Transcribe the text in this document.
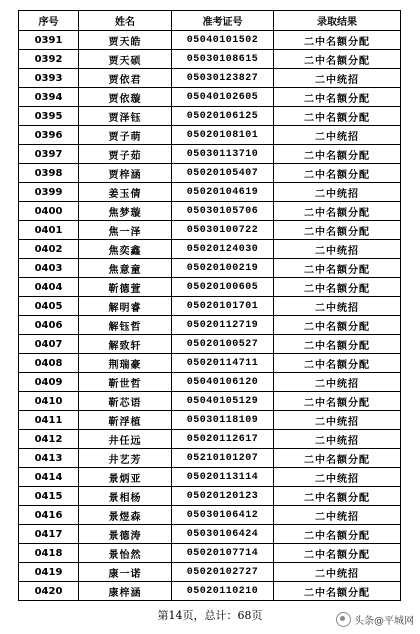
序号	姓名	准考证号	录取结果
0391	贾天皓	05040101502	二中名额分配
0392	贾天硕	05030108615	二中名额分配
0393	贾依君	05030123827	二中统招
0394	贾依璇	05040102605	二中名额分配
0395	贾泽钰	05020106125	二中名额分配
0396	贾子萌	05020108101	二中统招
0397	贾子茹	05030113710	二中名额分配
0398	贾梓涵	05020105407	二中名额分配
0399	姜玉倩	05020104619	二中统招
0400	焦梦璇	05030105706	二中名额分配
0401	焦一泽	05030100722	二中名额分配
0402	焦奕鑫	05020124030	二中统招
0403	焦意童	05020100219	二中名额分配
0404	靳德萱	05020100605	二中名额分配
0405	解明睿	05020101701	二中统招
0406	解钰哲	05020112719	二中名额分配
0407	解致轩	05020100527	二中名额分配
0408	荆瑞豪	05020114711	二中名额分配
0409	靳世哲	05040106120	二中统招
0410	靳芯语	05040105129	二中名额分配
0411	靳浮植	05030118109	二中统招
0412	井任远	05020112617	二中统招
0413	井艺芳	05210101207	二中名额分配
0414	景炳亚	05020113114	二中统招
0415	景相杨	05020120123	二中名额分配
0416	景煜森	05030106412	二中统招
0417	景德涛	05030106424	二中名额分配
0418	景怡然	05020107714	二中名额分配
0419	康一诺	05020102727	二中统招
0420	康梓涵	05020110210	二中名额分配
第14页，总计：68页	头条@平城网
